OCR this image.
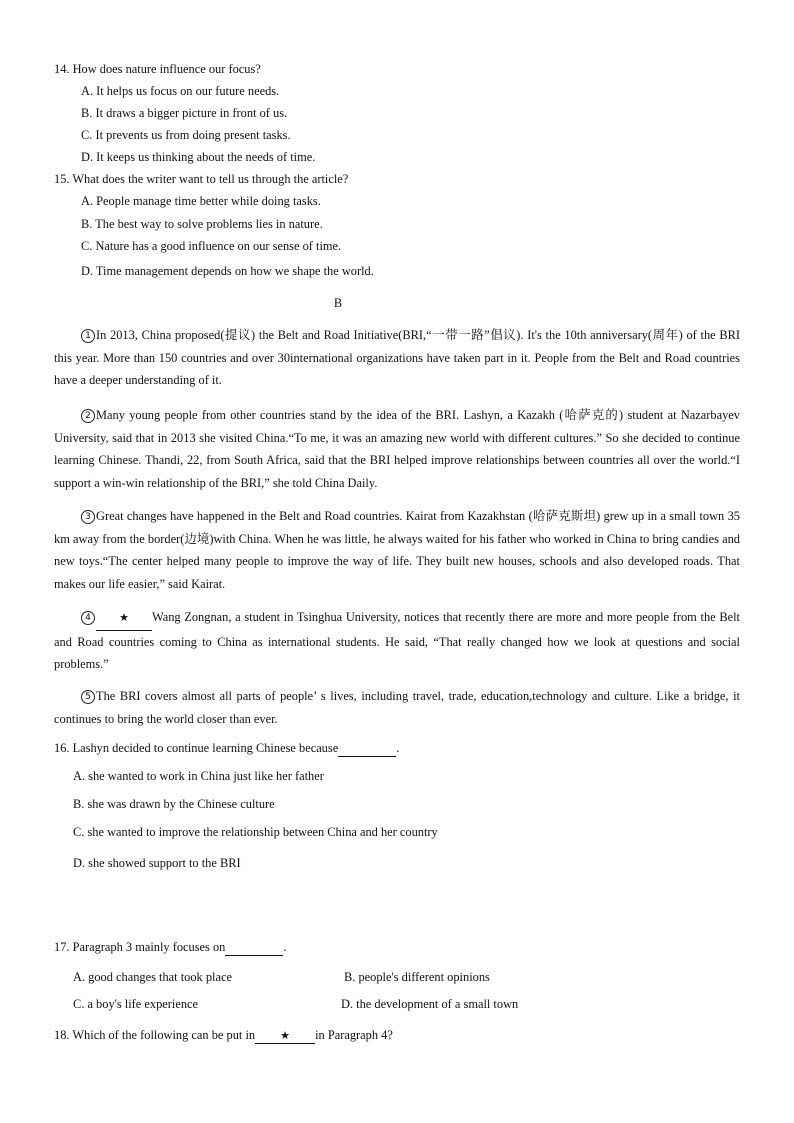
14. How does nature influence our focus?
A. It helps us focus on our future needs.
B. It draws a bigger picture in front of us.
C. It prevents us from doing present tasks.
D. It keeps us thinking about the needs of time.
15. What does the writer want to tell us through the article?
A. People manage time better while doing tasks.
B. The best way to solve problems lies in nature.
C. Nature has a good influence on our sense of time.
D. Time management depends on how we shape the world.
B
1 In 2013, China proposed(提议) the Belt and Road Initiative(BRI,“一带一路”倡议). It's the 10th anniversary(周年) of the BRI this year. More than 150 countries and over 30international organizations have taken part in it. People from the Belt and Road countries have a deeper understanding of it.
2 Many young people from other countries stand by the idea of the BRI. Lashyn, a Kazakh (哈萨克的) student at Nazarbayev University, said that in 2013 she visited China.“To me, it was an amazing new world with different cultures.” So she decided to continue learning Chinese. Thandi, 22, from South Africa, said that the BRI helped improve relationships between countries all over the world.“I support a win-win relationship of the BRI,” she told China Daily.
3 Great changes have happened in the Belt and Road countries. Kairat from Kazakhstan (哈萨克斯坦) grew up in a small town 35 km away from the border(边境)with China. When he was little, he always waited for his father who worked in China to bring candies and new toys.“The center helped many people to improve the way of life. They built new houses, schools and also developed roads. That makes our life easier,” said Kairat.
4	★ Wang Zongnan, a student in Tsinghua University, notices that recently there are more and more people from the Belt and Road countries coming to China as international students. He said, “That really changed how we look at questions and social problems.”
5 The BRI covers almost all parts of people’ s lives, including travel, trade, education,technology and culture. Like a bridge, it continues to bring the world closer than ever.
16. Lashyn decided to continue learning Chinese because	.
A. she wanted to work in China just like her father
B. she was drawn by the Chinese culture
C. she wanted to improve the relationship between China and her country
D. she showed support to the BRI
17. Paragraph 3 mainly focuses on	.
A. good changes that took place	B. people's different opinions
C. a boy's life experience	D. the development of a small town
18. Which of the following can be put in ★ in Paragraph 4?
